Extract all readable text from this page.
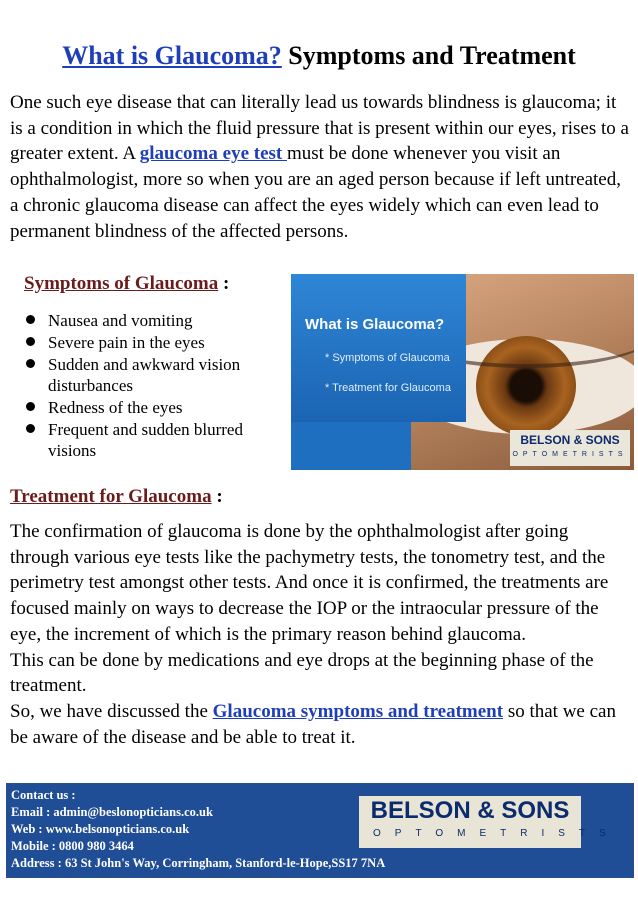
What is Glaucoma? Symptoms and Treatment

One such eye disease that can literally lead us towards blindness is glaucoma; it is a condition in which the fluid pressure that is present within our eyes, rises to a greater extent. A glaucoma eye test must be done whenever you visit an ophthalmologist, more so when you are an aged person because if left untreated, a chronic glaucoma disease can affect the eyes widely which can even lead to permanent blindness of the affected persons.

Symptoms of Glaucoma :
Nausea and vomiting
Severe pain in the eyes
Sudden and awkward vision disturbances
Redness of the eyes
Frequent and sudden blurred visions
What is Glaucoma?
* Symptoms of Glaucoma
* Treatment for Glaucoma
BELSON & SONS
OPTOMETRISTS
Treatment for Glaucoma :
The confirmation of glaucoma is done by the ophthalmologist after going through various eye tests like the pachymetry tests, the tonometry test, and the perimetry test amongst other tests. And once it is confirmed, the treatments are focused mainly on ways to decrease the IOP or the intraocular pressure of the eye, the increment of which is the primary reason behind glaucoma.
This can be done by medications and eye drops at the beginning phase of the treatment.
So, we have discussed the Glaucoma symptoms and treatment so that we can be aware of the disease and be able to treat it.
Contact us :
Email : admin@beslonopticians.co.uk
Web : www.belsonopticians.co.uk
Mobile : 0800 980 3464
BELSON & SONS
OPTOMETRISTS
Address : 63 St John's Way, Corringham, Stanford-le-Hope,SS17 7NA
